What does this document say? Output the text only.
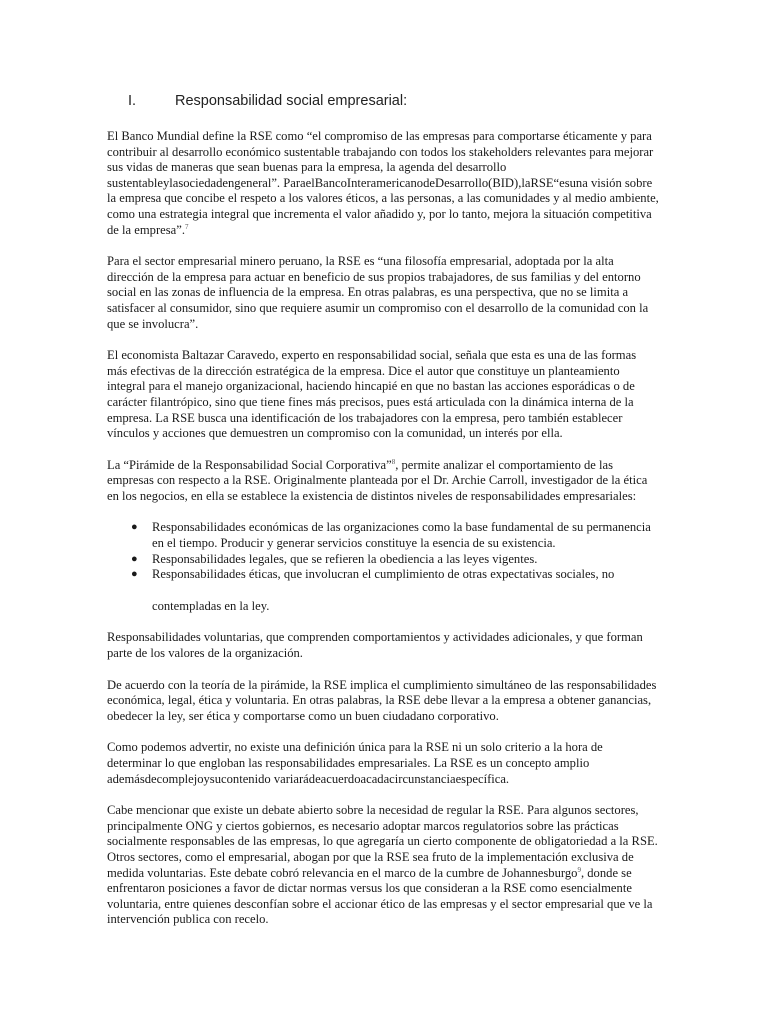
I.	Responsabilidad social empresarial:

El Banco Mundial define la RSE como “el compromiso de las empresas para comportarse éticamente y para contribuir al desarrollo económico sustentable trabajando con todos los stakeholders relevantes para mejorar sus vidas de maneras que sean buenas para la empresa, la agenda del desarrollo sustentableylasociedadengeneral”. ParaelBancoInteramericanodeDesarrollo(BID),laRSE“esuna visión sobre la empresa que concibe el respeto a los valores éticos, a las personas, a las comunidades y al medio ambiente, como una estrategia integral que incrementa el valor añadido y, por lo tanto, mejora la situación competitiva de la empresa”.$^7$

Para el sector empresarial minero peruano, la RSE es “una filosofía empresarial, adoptada por la alta dirección de la empresa para actuar en beneficio de sus propios trabajadores, de sus familias y del entorno social en las zonas de influencia de la empresa. En otras palabras, es una perspectiva, que no se limita a satisfacer al consumidor, sino que requiere asumir un compromiso con el desarrollo de la comunidad con la que se involucra”.

El economista Baltazar Caravedo, experto en responsabilidad social, señala que esta es una de las formas más efectivas de la dirección estratégica de la empresa. Dice el autor que constituye un planteamiento integral para el manejo organizacional, haciendo hincapié en que no bastan las acciones esporádicas o de carácter filantrópico, sino que tiene fines más precisos, pues está articulada con la dinámica interna de la empresa. La RSE busca una identificación de los trabajadores con la empresa, pero también establecer vínculos y acciones que demuestren un compromiso con la comunidad, un interés por ella.

La “Pirámide de la Responsabilidad Social Corporativa”$^8$, permite analizar el comportamiento de las empresas con respecto a la RSE. Originalmente planteada por el Dr. Archie Carroll, investigador de la ética en los negocios, en ella se establece la existencia de distintos niveles de responsabilidades empresariales:

● Responsabilidades económicas de las organizaciones como la base fundamental de su permanencia en el tiempo. Producir y generar servicios constituye la esencia de su existencia.
● Responsabilidades legales, que se refieren la obediencia a las leyes vigentes.
● Responsabilidades éticas, que involucran el cumplimiento de otras expectativas sociales, no

contempladas en la ley.

Responsabilidades voluntarias, que comprenden comportamientos y actividades adicionales, y que forman parte de los valores de la organización.

De acuerdo con la teoría de la pirámide, la RSE implica el cumplimiento simultáneo de las responsabilidades económica, legal, ética y voluntaria. En otras palabras, la RSE debe llevar a la empresa a obtener ganancias, obedecer la ley, ser ética y comportarse como un buen ciudadano corporativo.

Como podemos advertir, no existe una definición única para la RSE ni un solo criterio a la hora de determinar lo que engloban las responsabilidades empresariales. La RSE es un concepto amplio ademásdecomplejoysucontenido variarádeacuerdoacadacircunstanciaespecífica.

Cabe mencionar que existe un debate abierto sobre la necesidad de regular la RSE. Para algunos sectores, principalmente ONG y ciertos gobiernos, es necesario adoptar marcos regulatorios sobre las prácticas socialmente responsables de las empresas, lo que agregaría un cierto componente de obligatoriedad a la RSE. Otros sectores, como el empresarial, abogan por que la RSE sea fruto de la implementación exclusiva de medida voluntarias. Este debate cobró relevancia en el marco de la cumbre de Johannesburgo$^9$, donde se enfrentaron posiciones a favor de dictar normas versus los que consideran a la RSE como esencialmente voluntaria, entre quienes desconfían sobre el accionar ético de las empresas y el sector empresarial que ve la intervención publica con recelo.
